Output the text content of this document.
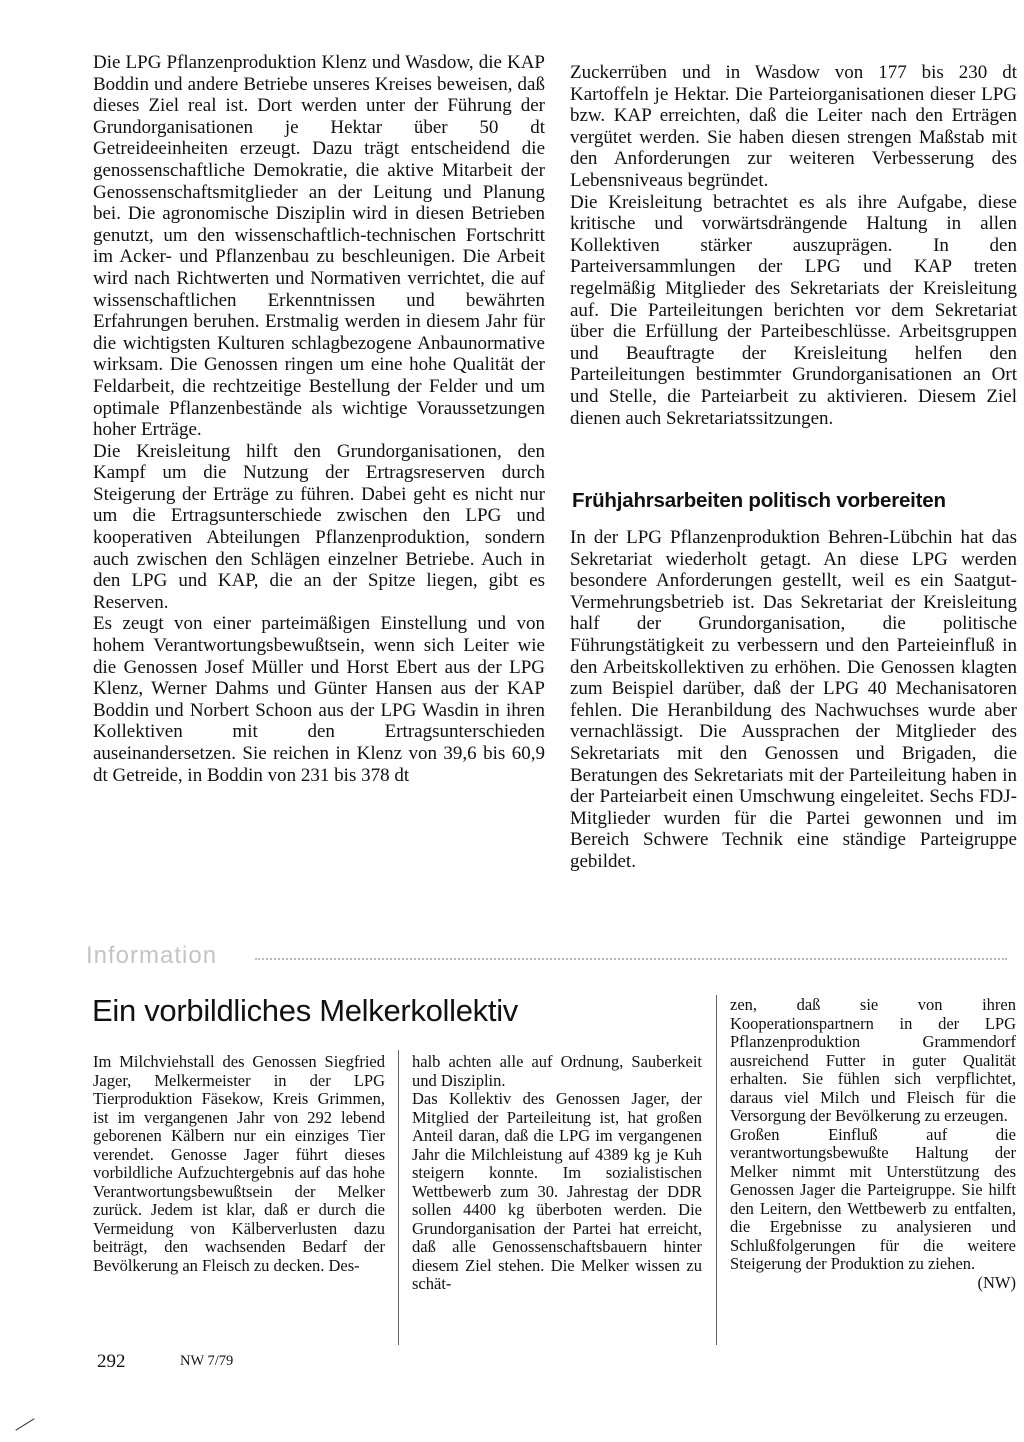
Die LPG Pflanzenproduktion Klenz und Wasdow, die KAP Boddin und andere Betriebe unseres Kreises beweisen, daß dieses Ziel real ist. Dort werden unter der Führung der Grundorganisationen je Hektar über 50 dt Getreideeinheiten erzeugt. Dazu trägt entscheidend die genossenschaftliche Demokratie, die aktive Mitarbeit der Genossenschaftsmitglieder an der Leitung und Planung bei. Die agronomische Disziplin wird in diesen Betrieben genutzt, um den wissenschaftlich-technischen Fortschritt im Acker- und Pflanzenbau zu beschleunigen. Die Arbeit wird nach Richtwerten und Normativen verrichtet, die auf wissenschaftlichen Erkenntnissen und bewährten Erfahrungen beruhen. Erstmalig werden in diesem Jahr für die wichtigsten Kulturen schlagbezogene Anbaunormative wirksam. Die Genossen ringen um eine hohe Qualität der Feldarbeit, die rechtzeitige Bestellung der Felder und um optimale Pflanzenbestände als wichtige Voraussetzungen hoher Erträge.

Die Kreisleitung hilft den Grundorganisationen, den Kampf um die Nutzung der Ertragsreserven durch Steigerung der Erträge zu führen. Dabei geht es nicht nur um die Ertragsunterschiede zwischen den LPG und kooperativen Abteilungen Pflanzenproduktion, sondern auch zwischen den Schlägen einzelner Betriebe. Auch in den LPG und KAP, die an der Spitze liegen, gibt es Reserven.

Es zeugt von einer parteimäßigen Einstellung und von hohem Verantwortungsbewußtsein, wenn sich Leiter wie die Genossen Josef Müller und Horst Ebert aus der LPG Klenz, Werner Dahms und Günter Hansen aus der KAP Boddin und Norbert Schoon aus der LPG Wasdin in ihren Kollektiven mit den Ertragsunterschieden auseinandersetzen. Sie reichen in Klenz von 39,6 bis 60,9 dt Getreide, in Boddin von 231 bis 378 dt

Zuckerrüben und in Wasdow von 177 bis 230 dt Kartoffeln je Hektar. Die Parteiorganisationen dieser LPG bzw. KAP erreichten, daß die Leiter nach den Erträgen vergütet werden. Sie haben diesen strengen Maßstab mit den Anforderungen zur weiteren Verbesserung des Lebensniveaus begründet.

Die Kreisleitung betrachtet es als ihre Aufgabe, diese kritische und vorwärtsdrängende Haltung in allen Kollektiven stärker auszuprägen. In den Parteiversammlungen der LPG und KAP treten regelmäßig Mitglieder des Sekretariats der Kreisleitung auf. Die Parteileitungen berichten vor dem Sekretariat über die Erfüllung der Parteibeschlüsse. Arbeitsgruppen und Beauftragte der Kreisleitung helfen den Parteileitungen bestimmter Grundorganisationen an Ort und Stelle, die Parteiarbeit zu aktivieren. Diesem Ziel dienen auch Sekretariatssitzungen.

Frühjahrsarbeiten politisch vorbereiten

In der LPG Pflanzenproduktion Behren-Lübchin hat das Sekretariat wiederholt getagt. An diese LPG werden besondere Anforderungen gestellt, weil es ein Saatgut-Vermehrungsbetrieb ist. Das Sekretariat der Kreisleitung half der Grundorganisation, die politische Führungstätigkeit zu verbessern und den Parteieinfluß in den Arbeitskollektiven zu erhöhen. Die Genossen klagten zum Beispiel darüber, daß der LPG 40 Mechanisatoren fehlen. Die Heranbildung des Nachwuchses wurde aber vernachlässigt. Die Aussprachen der Mitglieder des Sekretariats mit den Genossen und Brigaden, die Beratungen des Sekretariats mit der Parteileitung haben in der Parteiarbeit einen Umschwung eingeleitet. Sechs FDJ-Mitglieder wurden für die Partei gewonnen und im Bereich Schwere Technik eine ständige Parteigruppe gebildet.

Information
Ein vorbildliches Melkerkollektiv

Im Milchviehstall des Genossen Siegfried Jager, Melkermeister in der LPG Tierproduktion Fäsekow, Kreis Grimmen, ist im vergangenen Jahr von 292 lebend geborenen Kälbern nur ein einziges Tier verendet. Genosse Jager führt dieses vorbildliche Aufzuchtergebnis auf das hohe Verantwortungsbewußtsein der Melker zurück. Jedem ist klar, daß er durch die Vermeidung von Kälberverlusten dazu beiträgt, den wachsenden Bedarf der Bevölkerung an Fleisch zu decken. Des-

halb achten alle auf Ordnung, Sauberkeit und Disziplin.

Das Kollektiv des Genossen Jager, der Mitglied der Parteileitung ist, hat großen Anteil daran, daß die LPG im vergangenen Jahr die Milchleistung auf 4389 kg je Kuh steigern konnte. Im sozialistischen Wettbewerb zum 30. Jahrestag der DDR sollen 4400 kg überboten werden. Die Grundorganisation der Partei hat erreicht, daß alle Genossenschaftsbauern hinter diesem Ziel stehen. Die Melker wissen zu schät-

zen, daß sie von ihren Kooperationspartnern in der LPG Pflanzenproduktion Grammendorf ausreichend Futter in guter Qualität erhalten. Sie fühlen sich verpflichtet, daraus viel Milch und Fleisch für die Versorgung der Bevölkerung zu erzeugen.

Großen Einfluß auf die verantwortungsbewußte Haltung der Melker nimmt mit Unterstützung des Genossen Jager die Parteigruppe. Sie hilft den Leitern, den Wettbewerb zu entfalten, die Ergebnisse zu analysieren und Schlußfolgerungen für die weitere Steigerung der Produktion zu ziehen.

(NW)

292	NW 7/79
